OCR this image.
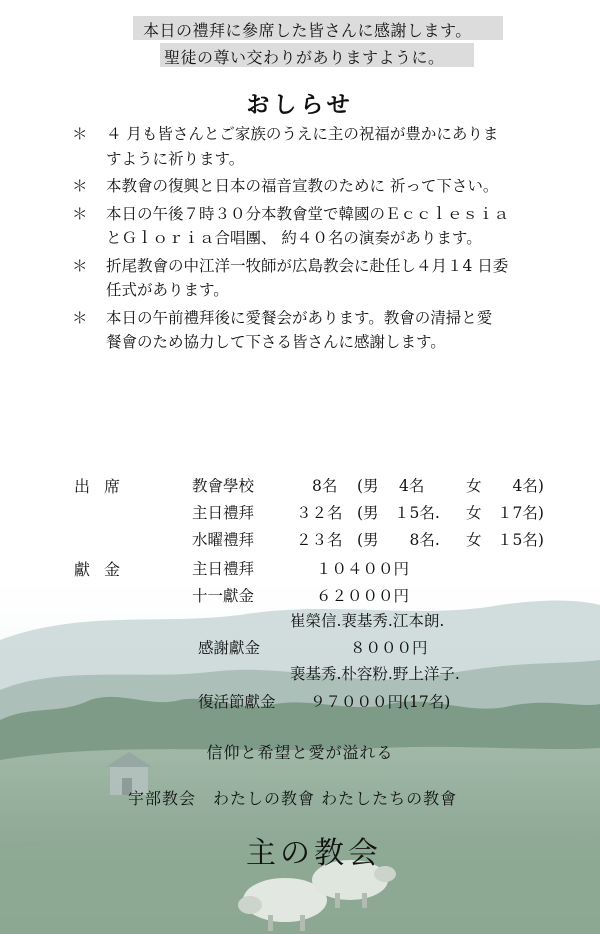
本日の禮拜に參席した皆さんに感謝します。
聖徒の尊い交わりがありますように。
おしらせ
＊ ４ 月も皆さんとご家族のうえに主の祝福が豊かにありま
すように祈ります。
＊ 本教會の復興と日本の福音宣教のために 祈って下さい。
＊ 本日の午後７時３０分本教會堂で韓國のＥｃｃｌｅｓｉａ
とＧｌｏｒｉａ合唱團、 約４０名の演奏があります。
＊ 折尾教會の中江洋一牧師が広島教会に赴任し４月１4 日委
任式があります。
＊ 本日の午前禮拜後に愛餐会があります。教會の清掃と愛
餐會のため協力して下さる皆さんに感謝します。
出席	教會學校	8名 (男　 4名	女　　4名)
主日禮拜	３２名 (男　１5名. 女　１7名)
水曜禮拜	２３名 (男　　8名. 女　１5名)
獻金	主日禮拜	１０４００円
十一獻金	６２０００円
崔榮信.裵基秀.江本朗.
感謝獻金	８０００円
裵基秀.朴容粉.野上洋子.
復活節獻金 ９７０００円(17名)
信仰と希望と愛が溢れる
宇部教会　わたしの教會 わたしたちの教會
主の教会
